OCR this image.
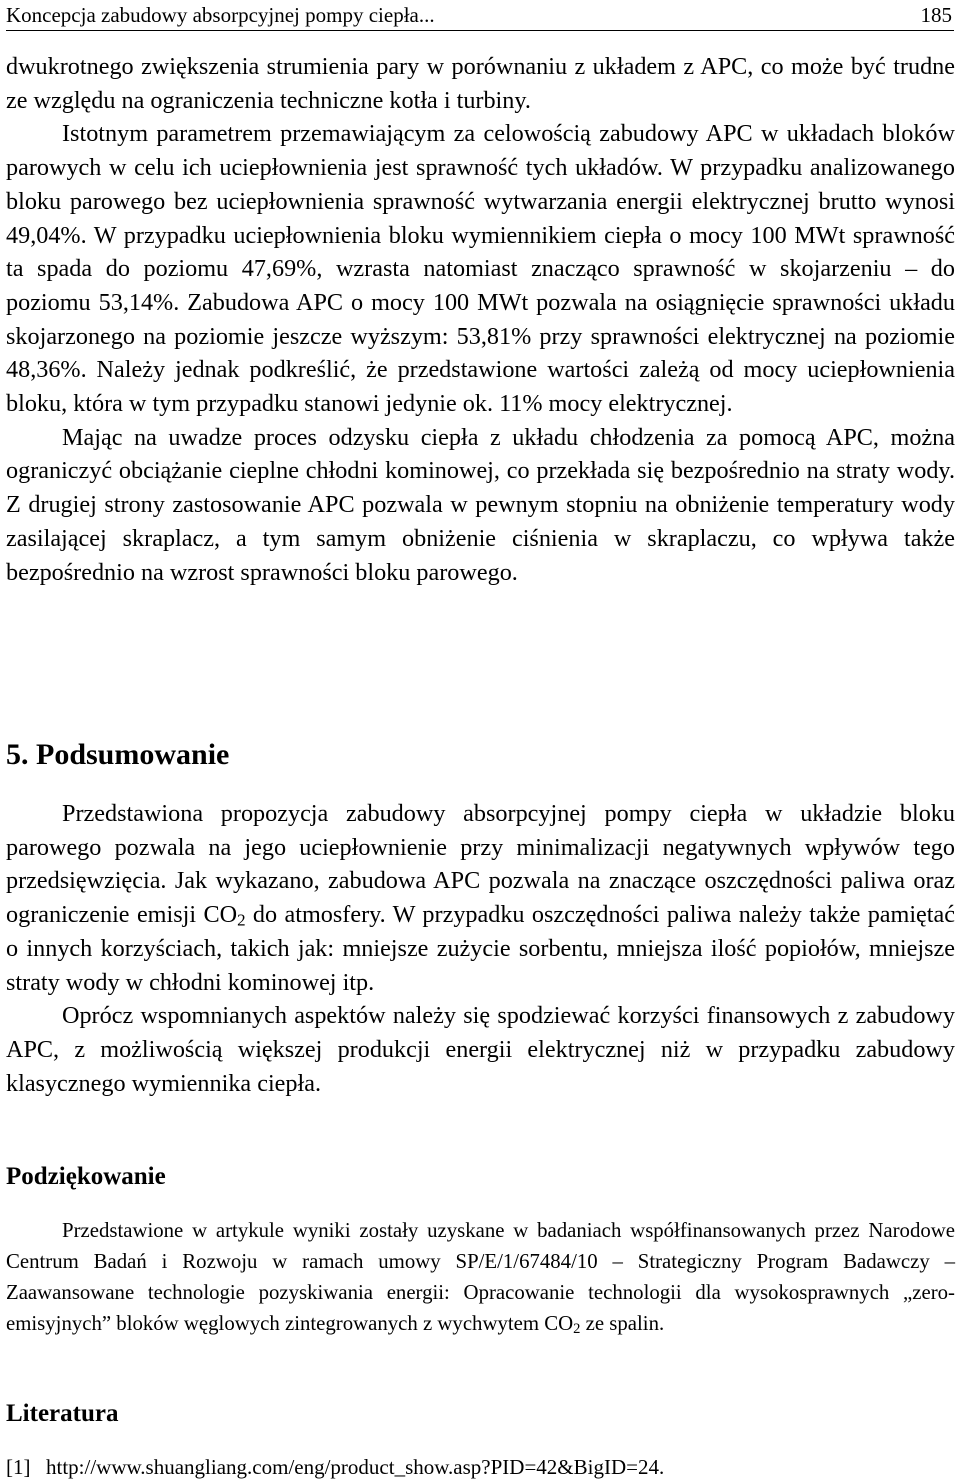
Koncepcja zabudowy absorpcyjnej pompy ciepła...	185

dwukrotnego zwiększenia strumienia pary w porównaniu z układem z APC, co może być trudne ze względu na ograniczenia techniczne kotła i turbiny.

Istotnym parametrem przemawiającym za celowością zabudowy APC w układach bloków parowych w celu ich uciepłownienia jest sprawność tych układów. W przypadku analizowanego bloku parowego bez uciepłownienia sprawność wytwarzania energii elektrycznej brutto wynosi 49,04%. W przypadku uciepłownienia bloku wymiennikiem ciepła o mocy 100 MWt sprawność ta spada do poziomu 47,69%, wzrasta natomiast znacząco sprawność w skojarzeniu – do poziomu 53,14%. Zabudowa APC o mocy 100 MWt pozwala na osiągnięcie sprawności układu skojarzonego na poziomie jeszcze wyższym: 53,81% przy sprawności elektrycznej na poziomie 48,36%. Należy jednak podkreślić, że przedstawione wartości zależą od mocy uciepłownienia bloku, która w tym przypadku stanowi jedynie ok. 11% mocy elektrycznej.

Mając na uwadze proces odzysku ciepła z układu chłodzenia za pomocą APC, można ograniczyć obciążanie cieplne chłodni kominowej, co przekłada się bezpośrednio na straty wody. Z drugiej strony zastosowanie APC pozwala w pewnym stopniu na obniżenie temperatury wody zasilającej skraplacz, a tym samym obniżenie ciśnienia w skraplaczu, co wpływa także bezpośrednio na wzrost sprawności bloku parowego.

5. Podsumowanie

Przedstawiona propozycja zabudowy absorpcyjnej pompy ciepła w układzie bloku parowego pozwala na jego uciepłownienie przy minimalizacji negatywnych wpływów tego przedsięwzięcia. Jak wykazano, zabudowa APC pozwala na znaczące oszczędności paliwa oraz ograniczenie emisji $CO_2$ do atmosfery. W przypadku oszczędności paliwa należy także pamiętać o innych korzyściach, takich jak: mniejsze zużycie sorbentu, mniejsza ilość popiołów, mniejsze straty wody w chłodni kominowej itp.

Oprócz wspomnianych aspektów należy się spodziewać korzyści finansowych z zabudowy APC, z możliwością większej produkcji energii elektrycznej niż w przypadku zabudowy klasycznego wymiennika ciepła.

Podziękowanie

Przedstawione w artykule wyniki zostały uzyskane w badaniach współfinansowanych przez Narodowe Centrum Badań i Rozwoju w ramach umowy SP/E/1/67484/10 – Strategiczny Program Badawczy – Zaawansowane technologie pozyskiwania energii: Opracowanie technologii dla wysokosprawnych „zero-emisyjnych” bloków węglowych zintegrowanych z wychwytem $CO_2$ ze spalin.

Literatura
[1] http://www.shuangliang.com/eng/product_show.asp?PID=42&BigID=24.
